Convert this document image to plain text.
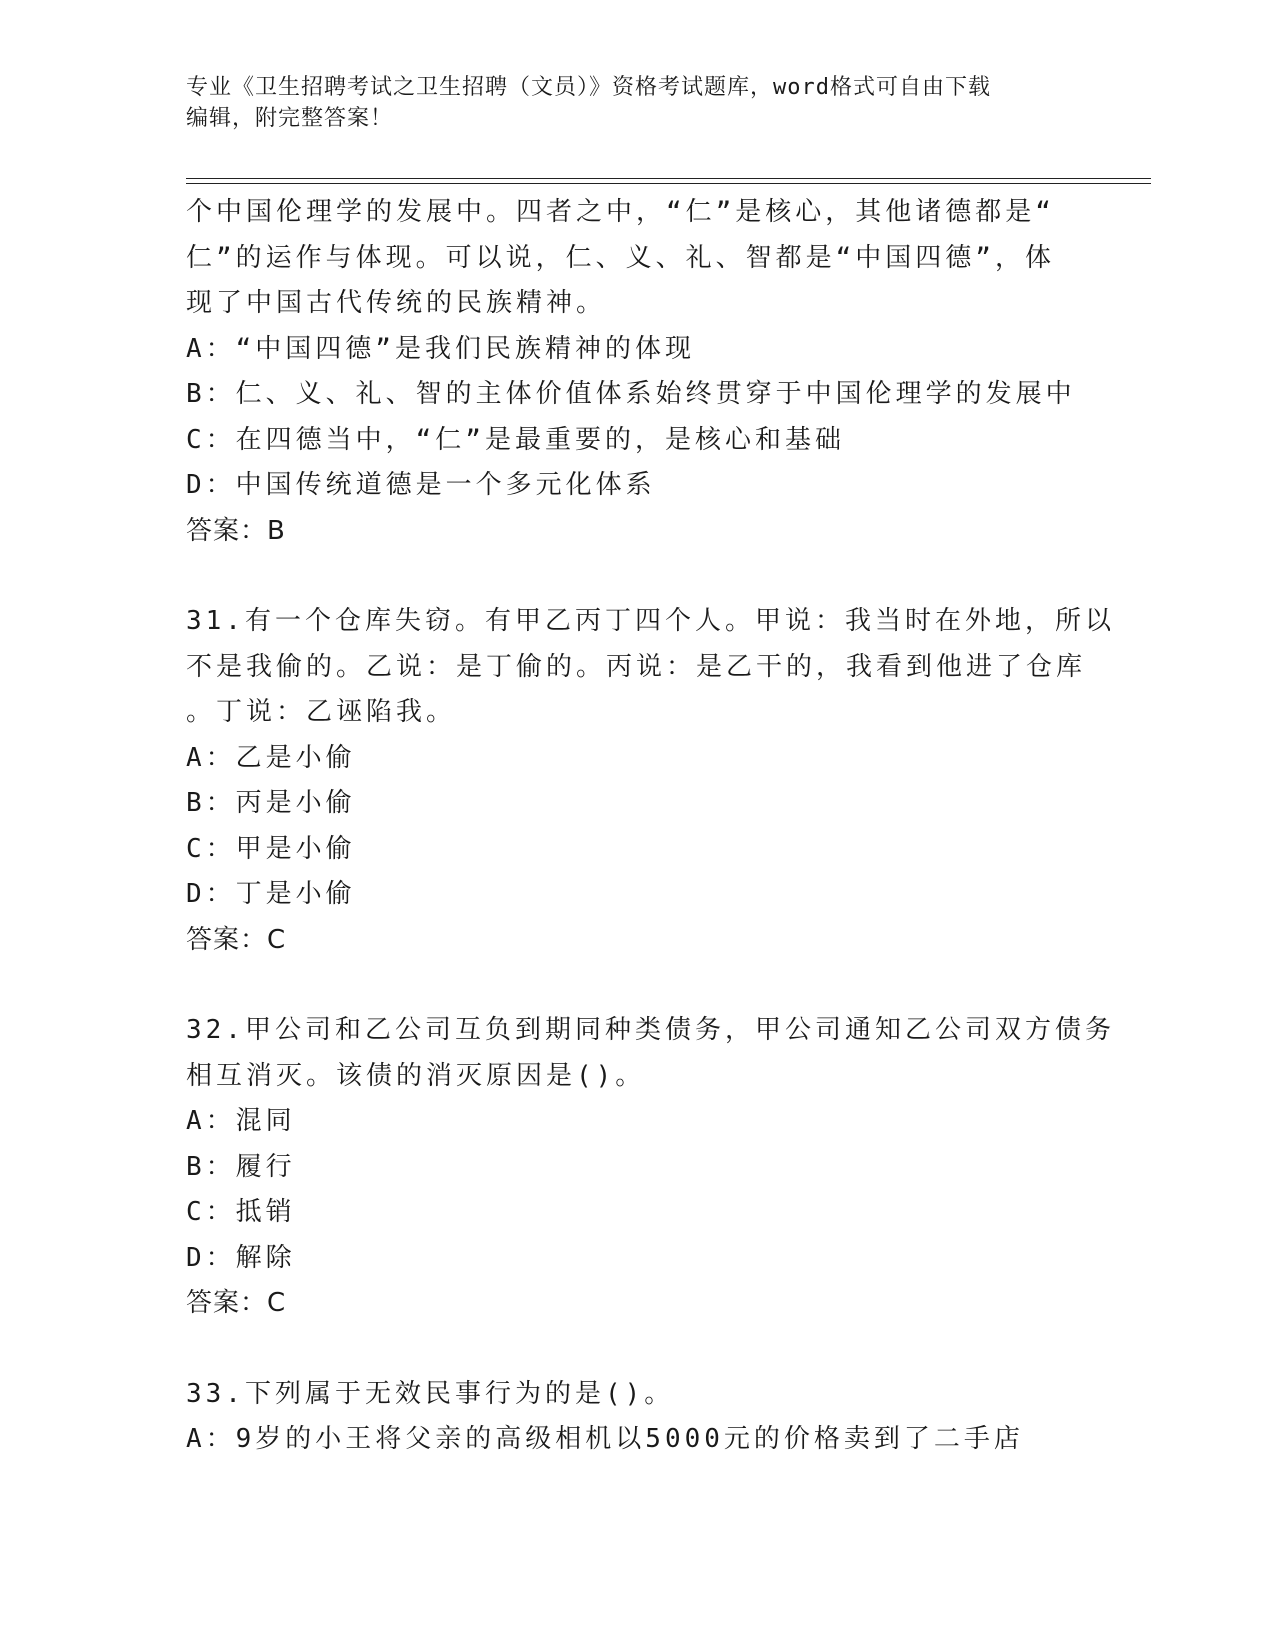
专业《卫生招聘考试之卫生招聘（文员）》资格考试题库，word格式可自由下载
编辑，附完整答案！
个中国伦理学的发展中。四者之中，“仁”是核心，其他诸德都是“
仁”的运作与体现。可以说，仁、义、礼、智都是“中国四德”，体
现了中国古代传统的民族精神。
A：“中国四德”是我们民族精神的体现
B：仁、义、礼、智的主体价值体系始终贯穿于中国伦理学的发展中
C：在四德当中，“仁”是最重要的，是核心和基础
D：中国传统道德是一个多元化体系
答案：B
31.有一个仓库失窃。有甲乙丙丁四个人。甲说：我当时在外地，所以
不是我偷的。乙说：是丁偷的。丙说：是乙干的，我看到他进了仓库
。丁说：乙诬陷我。
A：乙是小偷
B：丙是小偷
C：甲是小偷
D：丁是小偷
答案：C
32.甲公司和乙公司互负到期同种类债务，甲公司通知乙公司双方债务
相互消灭。该债的消灭原因是()。
A：混同
B：履行
C：抵销
D：解除
答案：C
33.下列属于无效民事行为的是()。
A：9岁的小王将父亲的高级相机以5000元的价格卖到了二手店
